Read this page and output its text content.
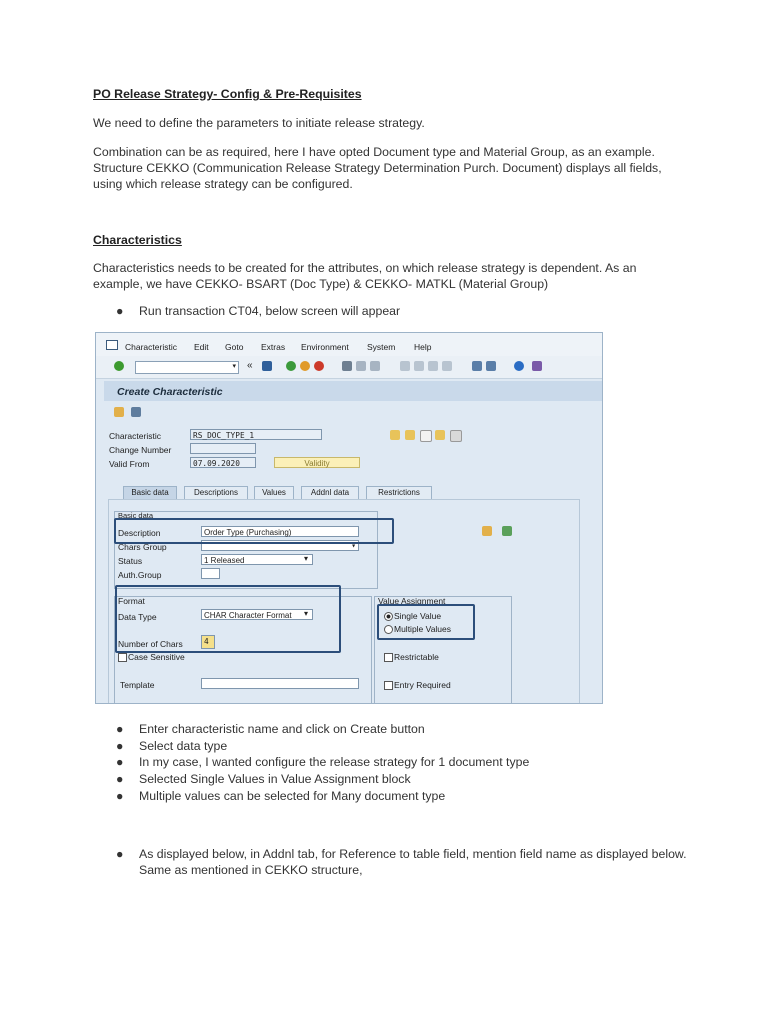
PO Release Strategy- Config & Pre-Requisites

We need to define the parameters to initiate release strategy.

Combination can be as required, here I have opted Document type and Material Group, as an example. Structure CEKKO (Communication Release Strategy Determination Purch. Document) displays all fields, using which release strategy can be configured.

Characteristics

Characteristics needs to be created for the attributes, on which release strategy is dependent. As an example, we have CEKKO- BSART (Doc Type) & CEKKO- MATKL (Material Group)

● Run transaction CT04, below screen will appear
Characteristic Edit Goto Extras Environment System Help
▾ «
Create Characteristic
Characteristic	RS_DOC_TYPE_1
Change Number
Valid From	07.09.2020	Validity
Basic data	Descriptions	Values	Addnl data	Restrictions
Basic data
Description	Order Type (Purchasing)
Chars Group	▾
Status	1 Released	▾
Auth.Group
Format
Data Type	CHAR Character Format	▾
Number of Chars	4
Case Sensitive
Template
Value Assignment
Single Value
Multiple Values
Restrictable
Entry Required
● Enter characteristic name and click on Create button
● Select data type
● In my case, I wanted configure the release strategy for 1 document type
● Selected Single Values in Value Assignment block
● Multiple values can be selected for Many document type
● As displayed below, in Addnl tab, for Reference to table field, mention field name as displayed below. Same as mentioned in CEKKO structure,
